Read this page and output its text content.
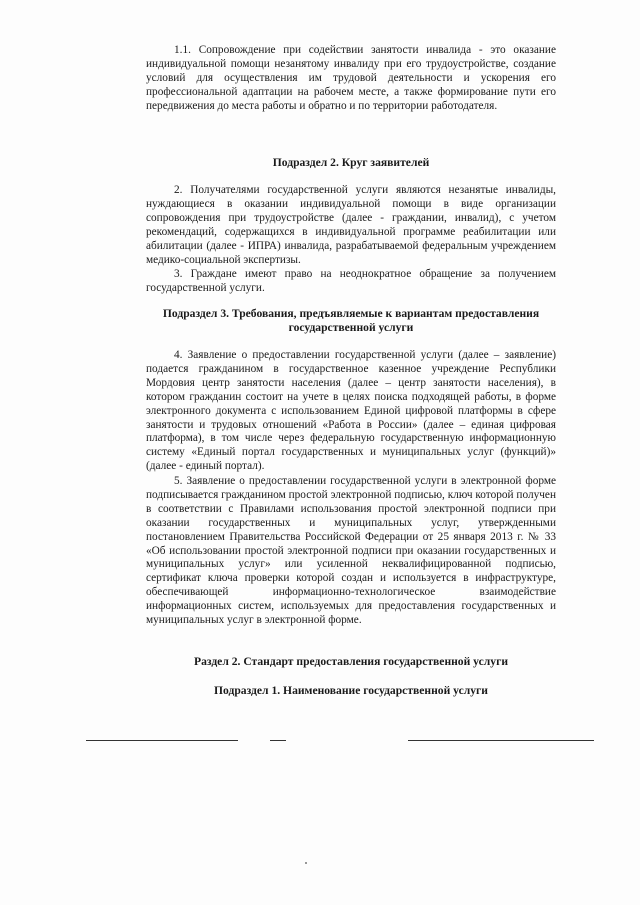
1.1. Сопровождение при содействии занятости инвалида - это оказание индивидуальной помощи незанятому инвалиду при его трудоустройстве, создание условий для осуществления им трудовой деятельности и ускорения его профессиональной адаптации на рабочем месте, а также формирование пути его передвижения до места работы и обратно и по территории работодателя.

Подраздел 2. Круг заявителей

2. Получателями государственной услуги являются незанятые инвалиды, нуждающиеся в оказании индивидуальной помощи в виде организации сопровождения при трудоустройстве (далее - граждании, инвалид), с учетом рекомендаций, содержащихся в индивидуальной программе реабилитации или абилитации (далее - ИПРА) инвалида, разрабатываемой федеральным учреждением медико-социальной экспертизы.

3. Граждане имеют право на неоднократное обращение за получением государственной услуги.

Подраздел 3. Требования, предъявляемые к вариантам предоставления государственной услуги

4. Заявление о предоставлении государственной услуги (далее – заявление) подается гражданином в государственное казенное учреждение Республики Мордовия центр занятости населения (далее – центр занятости населения), в котором гражданин состоит на учете в целях поиска подходящей работы, в форме электронного документа с использованием Единой цифровой платформы в сфере занятости и трудовых отношений «Работа в России» (далее – единая цифровая платформа), в том числе через федеральную государственную информационную систему «Единый портал государственных и муниципальных услуг (функций)» (далее - единый портал).

5. Заявление о предоставлении государственной услуги в электронной форме подписывается гражданином простой электронной подписью, ключ которой получен в соответствии с Правилами использования простой электронной подписи при оказании государственных и муниципальных услуг, утвержденными постановлением Правительства Российской Федерации от 25 января 2013 г. № 33 «Об использовании простой электронной подписи при оказании государственных и муниципальных услуг» или усиленной неквалифицированной подписью, сертификат ключа проверки которой создан и используется в инфраструктуре, обеспечивающей информационно-технологическое взаимодействие информационных систем, используемых для предоставления государственных и муниципальных услуг в электронной форме.

Раздел 2. Стандарт предоставления государственной услуги

Подраздел 1. Наименование государственной услуги
